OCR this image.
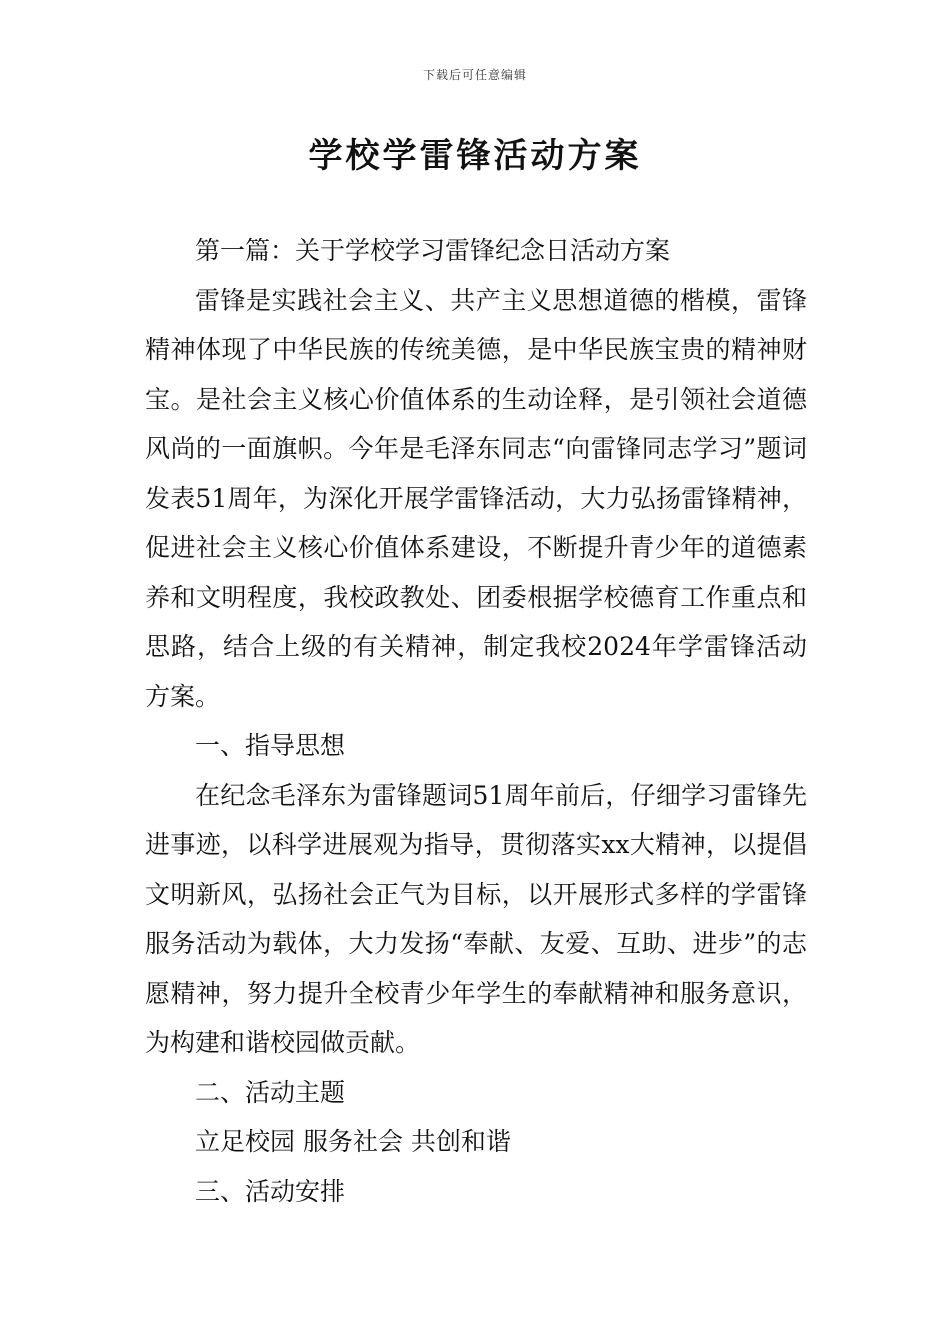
下载后可任意编辑
学校学雷锋活动方案

第一篇：关于学校学习雷锋纪念日活动方案

雷锋是实践社会主义、共产主义思想道德的楷模，雷锋精神体现了中华民族的传统美德，是中华民族宝贵的精神财宝。是社会主义核心价值体系的生动诠释，是引领社会道德风尚的一面旗帜。今年是毛泽东同志“向雷锋同志学习”题词发表51周年，为深化开展学雷锋活动，大力弘扬雷锋精神，促进社会主义核心价值体系建设，不断提升青少年的道德素养和文明程度，我校政教处、团委根据学校德育工作重点和思路，结合上级的有关精神，制定我校2024年学雷锋活动方案。

一、指导思想

在纪念毛泽东为雷锋题词51周年前后，仔细学习雷锋先进事迹，以科学进展观为指导，贯彻落实xx大精神，以提倡文明新风，弘扬社会正气为目标，以开展形式多样的学雷锋服务活动为载体，大力发扬“奉献、友爱、互助、进步”的志愿精神，努力提升全校青少年学生的奉献精神和服务意识，为构建和谐校园做贡献。

二、活动主题

立足校园 服务社会 共创和谐

三、活动安排
